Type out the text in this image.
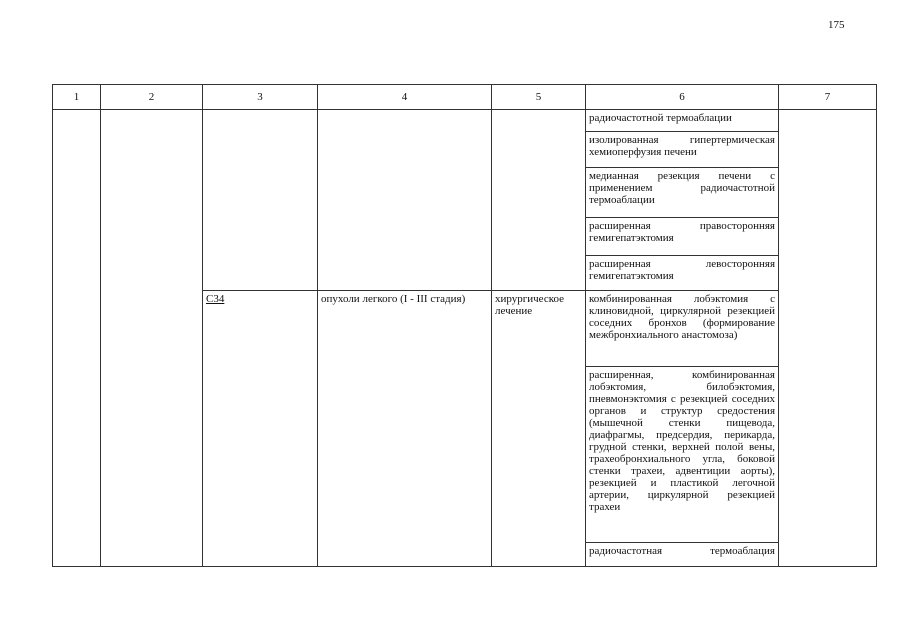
175
1	2	3	4	5	6	7
					радиочастотной термоаблации	
					изолированная гипертермическая хемиоперфузия печени	
					медианная резекция печени с применением радиочастотной термоаблации	
					расширенная правосторонняя гемигепатэктомия	
					расширенная левосторонняя гемигепатэктомия	
		C34	опухоли легкого (I - III стадия)	хирургическое лечение	комбинированная лобэктомия с клиновидной, циркулярной резекцией соседних бронхов (формирование межбронхиального анастомоза)	
					расширенная, комбинированная лобэктомия, билобэктомия, пневмонэктомия с резекцией соседних органов и структур средостения (мышечной стенки пищевода, диафрагмы, предсердия, перикарда, грудной стенки, верхней полой вены, трахеобронхиального угла, боковой стенки трахеи, адвентиции аорты), резекцией и пластикой легочной артерии, циркулярной резекцией трахеи	
					радиочастотная термоаблация	
